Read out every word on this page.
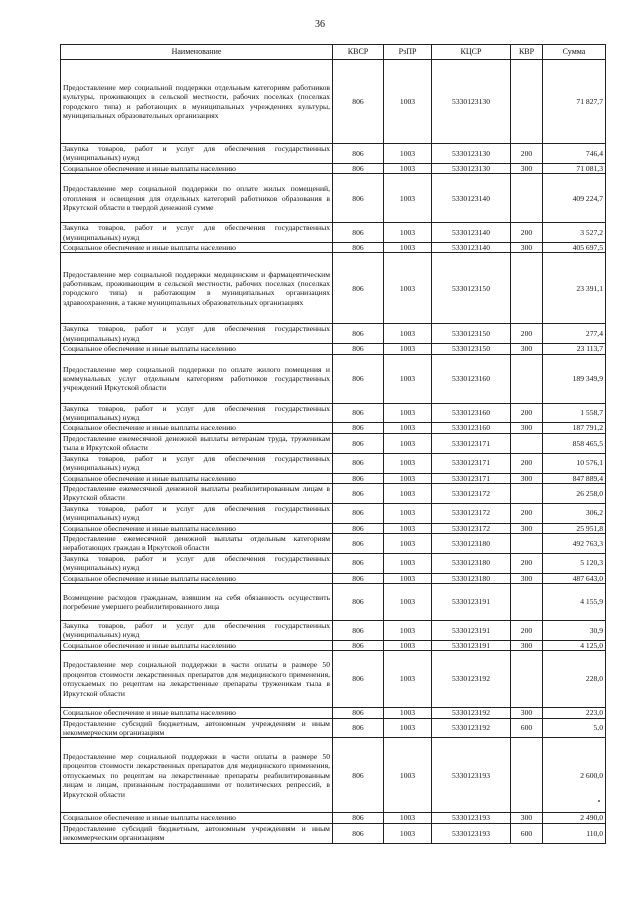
36
Наименование	КВСР	РзПР	КЦСР	КВР	Сумма
Предоставление мер социальной поддержки отдельным категориям работников культуры, проживающих в сельской местности, рабочих поселках (поселках городского типа) и работающих в муниципальных учреждениях культуры, муниципальных образовательных организациях	806	1003	5330123130		71 827,7
Закупка товаров, работ и услуг для обеспечения государственных (муниципальных) нужд	806	1003	5330123130	200	746,4
Социальное обеспечение и иные выплаты населению	806	1003	5330123130	300	71 081,3
Предоставление мер социальной поддержки по оплате жилых помещений, отопления и освещения для отдельных категорий работников образования в Иркутской области в твердой денежной сумме	806	1003	5330123140		409 224,7
Закупка товаров, работ и услуг для обеспечения государственных (муниципальных) нужд	806	1003	5330123140	200	3 527,2
Социальное обеспечение и иные выплаты населению	806	1003	5330123140	300	405 697,5
Предоставление мер социальной поддержки медицинским и фармацевтическим работникам, проживающим в сельской местности, рабочих поселках (поселках городского типа) и работающим в муниципальных организациях здравоохранения, а также муниципальных образовательных организациях	806	1003	5330123150		23 391,1
Закупка товаров, работ и услуг для обеспечения государственных (муниципальных) нужд	806	1003	5330123150	200	277,4
Социальное обеспечение и иные выплаты населению	806	1003	5330123150	300	23 113,7
Предоставление мер социальной поддержки по оплате жилого помещения и коммунальных услуг отдельным категориям работников государственных учреждений Иркутской области	806	1003	5330123160		189 349,9
Закупка товаров, работ и услуг для обеспечения государственных (муниципальных) нужд	806	1003	5330123160	200	1 558,7
Социальное обеспечение и иные выплаты населению	806	1003	5330123160	300	187 791,2
Предоставление ежемесячной денежной выплаты ветеранам труда, труженикам тыла в Иркутской области	806	1003	5330123171		858 465,5
Закупка товаров, работ и услуг для обеспечения государственных (муниципальных) нужд	806	1003	5330123171	200	10 576,1
Социальное обеспечение и иные выплаты населению	806	1003	5330123171	300	847 889,4
Предоставление ежемесячной денежной выплаты реабилитированным лицам в Иркутской области	806	1003	5330123172		26 258,0
Закупка товаров, работ и услуг для обеспечения государственных (муниципальных) нужд	806	1003	5330123172	200	306,2
Социальное обеспечение и иные выплаты населению	806	1003	5330123172	300	25 951,8
Предоставление ежемесячной денежной выплаты отдельным категориям неработающих граждан в Иркутской области	806	1003	5330123180		492 763,3
Закупка товаров, работ и услуг для обеспечения государственных (муниципальных) нужд	806	1003	5330123180	200	5 120,3
Социальное обеспечение и иные выплаты населению	806	1003	5330123180	300	487 643,0
Возмещение расходов гражданам, взявшим на себя обязанность осуществить погребение умершего реабилитированного лица	806	1003	5330123191		4 155,9
Закупка товаров, работ и услуг для обеспечения государственных (муниципальных) нужд	806	1003	5330123191	200	30,9
Социальное обеспечение и иные выплаты населению	806	1003	5330123191	300	4 125,0
Предоставление мер социальной поддержки в части оплаты в размере 50 процентов стоимости лекарственных препаратов для медицинского применения, отпускаемых по рецептам на лекарственные препараты труженикам тыла в Иркутской области	806	1003	5330123192		228,0
Социальное обеспечение и иные выплаты населению	806	1003	5330123192	300	223,0
Предоставление субсидий бюджетным, автономным учреждениям и иным некоммерческим организациям	806	1003	5330123192	600	5,0
Предоставление мер социальной поддержки в части оплаты в размере 50 процентов стоимости лекарственных препаратов для медицинского применения, отпускаемых по рецептам на лекарственные препараты реабилитированным лицам и лицам, признанным пострадавшими от политических репрессий, в Иркутской области	806	1003	5330123193		2 600,0
Социальное обеспечение и иные выплаты населению	806	1003	5330123193	300	2 490,0
Предоставление субсидий бюджетным, автономным учреждениям и иным некоммерческим организациям	806	1003	5330123193	600	110,0
